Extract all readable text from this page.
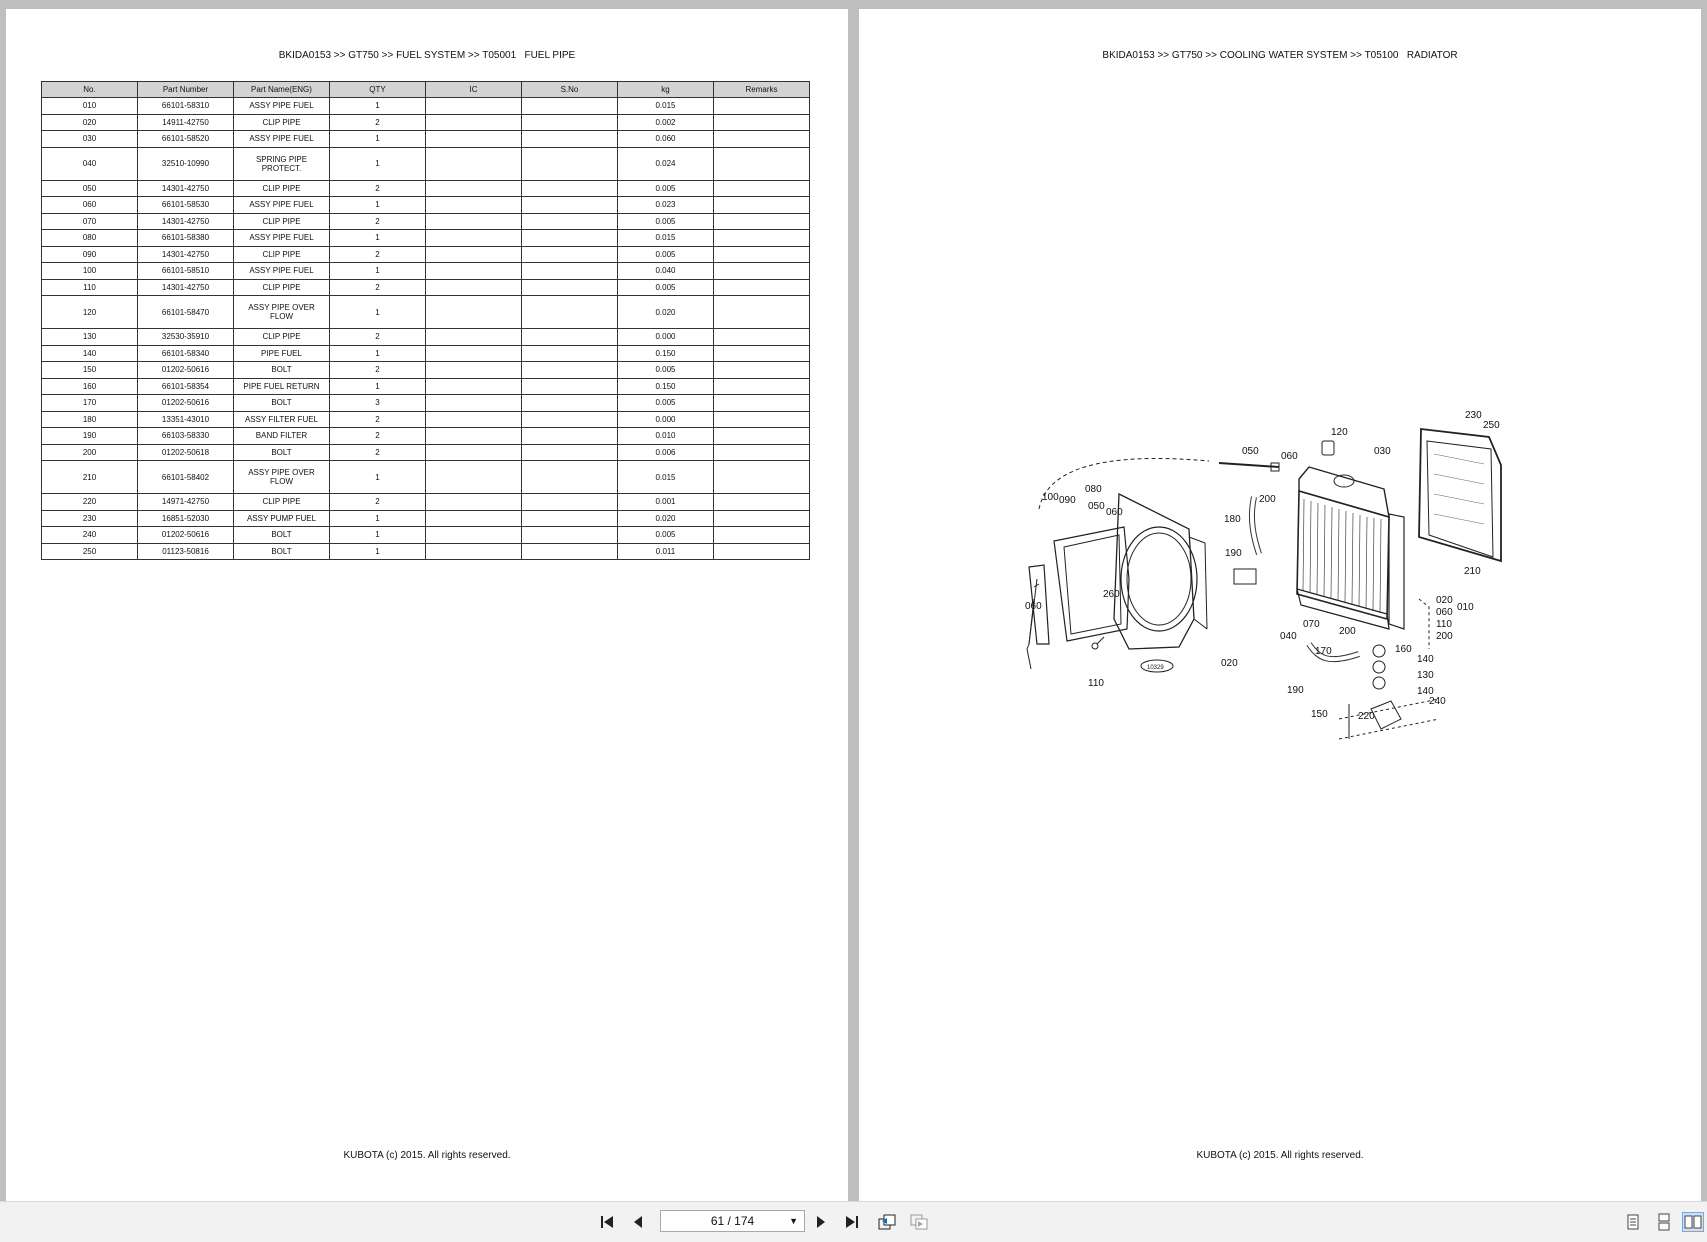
BKIDA0153 >> GT750 >> FUEL SYSTEM >> T05001   FUEL PIPE
No.	Part Number	Part Name(ENG)	QTY	IC	S.No	kg	Remarks
010	66101-58310	ASSY PIPE FUEL	1			0.015	
020	14911-42750	CLIP PIPE	2			0.002	
030	66101-58520	ASSY PIPE FUEL	1			0.060	
040	32510-10990	SPRING PIPE PROTECT.	1			0.024	
050	14301-42750	CLIP PIPE	2			0.005	
060	66101-58530	ASSY PIPE FUEL	1			0.023	
070	14301-42750	CLIP PIPE	2			0.005	
080	66101-58380	ASSY PIPE FUEL	1			0.015	
090	14301-42750	CLIP PIPE	2			0.005	
100	66101-58510	ASSY PIPE FUEL	1			0.040	
110	14301-42750	CLIP PIPE	2			0.005	
120	66101-58470	ASSY PIPE OVER FLOW	1			0.020	
130	32530-35910	CLIP PIPE	2			0.000	
140	66101-58340	PIPE FUEL	1			0.150	
150	01202-50616	BOLT	2			0.005	
160	66101-58354	PIPE FUEL RETURN	1			0.150	
170	01202-50616	BOLT	3			0.005	
180	13351-43010	ASSY FILTER FUEL	2			0.000	
190	66103-58330	BAND FILTER	2			0.010	
200	01202-50618	BOLT	2			0.006	
210	66101-58402	ASSY PIPE OVER FLOW	1			0.015	
220	14971-42750	CLIP PIPE	2			0.001	
230	16851-52030	ASSY PUMP FUEL	1			0.020	
240	01202-50616	BOLT	1			0.005	
250	01123-50816	BOLT	1			0.011	
KUBOTA (c) 2015. All rights reserved.
BKIDA0153 >> GT750 >> COOLING WATER SYSTEM >> T05100   RADIATOR
230
250
120
030
050 060
080
100 090
050
060
180
200
190
060
260
110
020
040
070
200
170
190
150	220
210
020
010
060
110
200
160
140
130
140
240
10329
KUBOTA (c) 2015. All rights reserved.
61 / 174	▼
